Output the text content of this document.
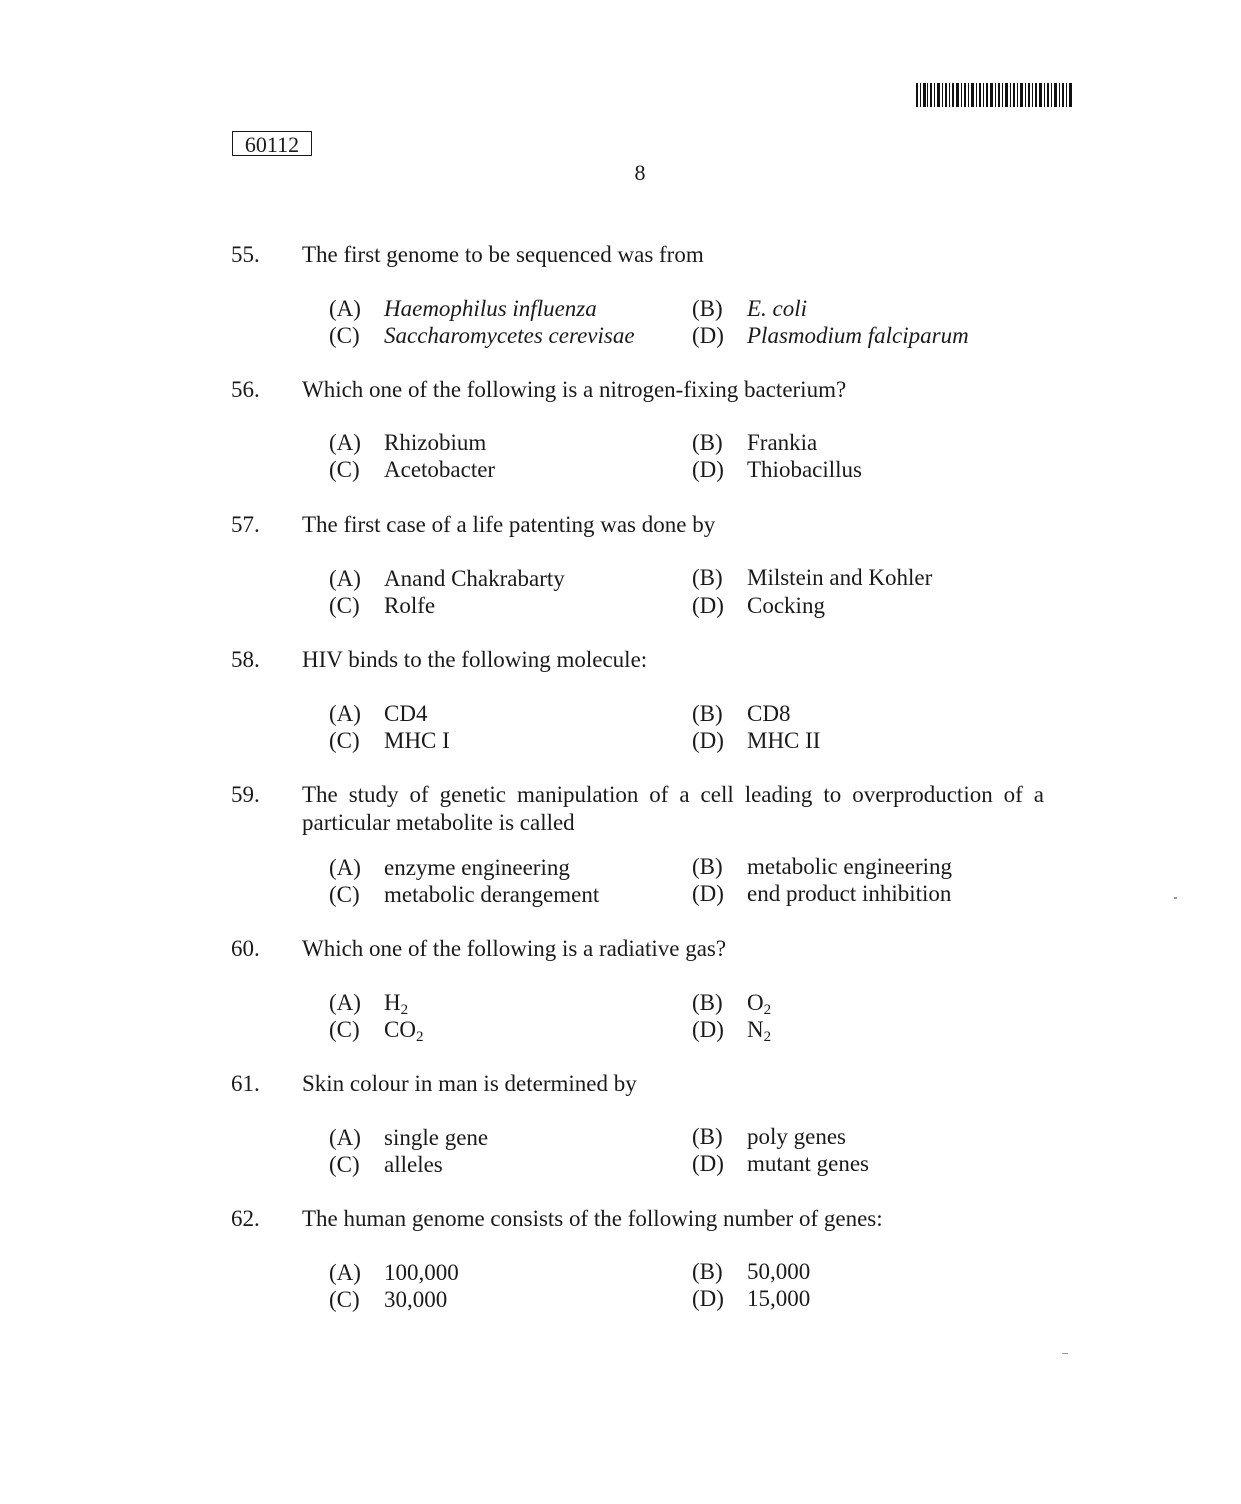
60112
8
55. The first genome to be sequenced was from
(A) Haemophilus influenza	(B) E. coli
(C) Saccharomycetes cerevisae (D) Plasmodium falciparum
56. Which one of the following is a nitrogen-fixing bacterium?
(A) Rhizobium	(B) Frankia
(C) Acetobacter	(D) Thiobacillus
57. The first case of a life patenting was done by
(A) Anand Chakrabarty	(B) Milstein and Kohler
(C) Rolfe	(D) Cocking
58. HIV binds to the following molecule:
(A) CD4	(B) CD8
(C) MHC I	(D) MHC II
59. The study of genetic manipulation of a cell leading to overproduction of a particular metabolite is called
(A) enzyme engineering	(B) metabolic engineering
(C) metabolic derangement	(D) end product inhibition
60. Which one of the following is a radiative gas?
(A) $H_2$	(B) $O_2$
(C) $CO_2$	(D) $N_2$
61. Skin colour in man is determined by
(A) single gene	(B) poly genes
(C) alleles	(D) mutant genes
62. The human genome consists of the following number of genes:
(A) 100,000	(B) 50,000
(C) 30,000	(D) 15,000
